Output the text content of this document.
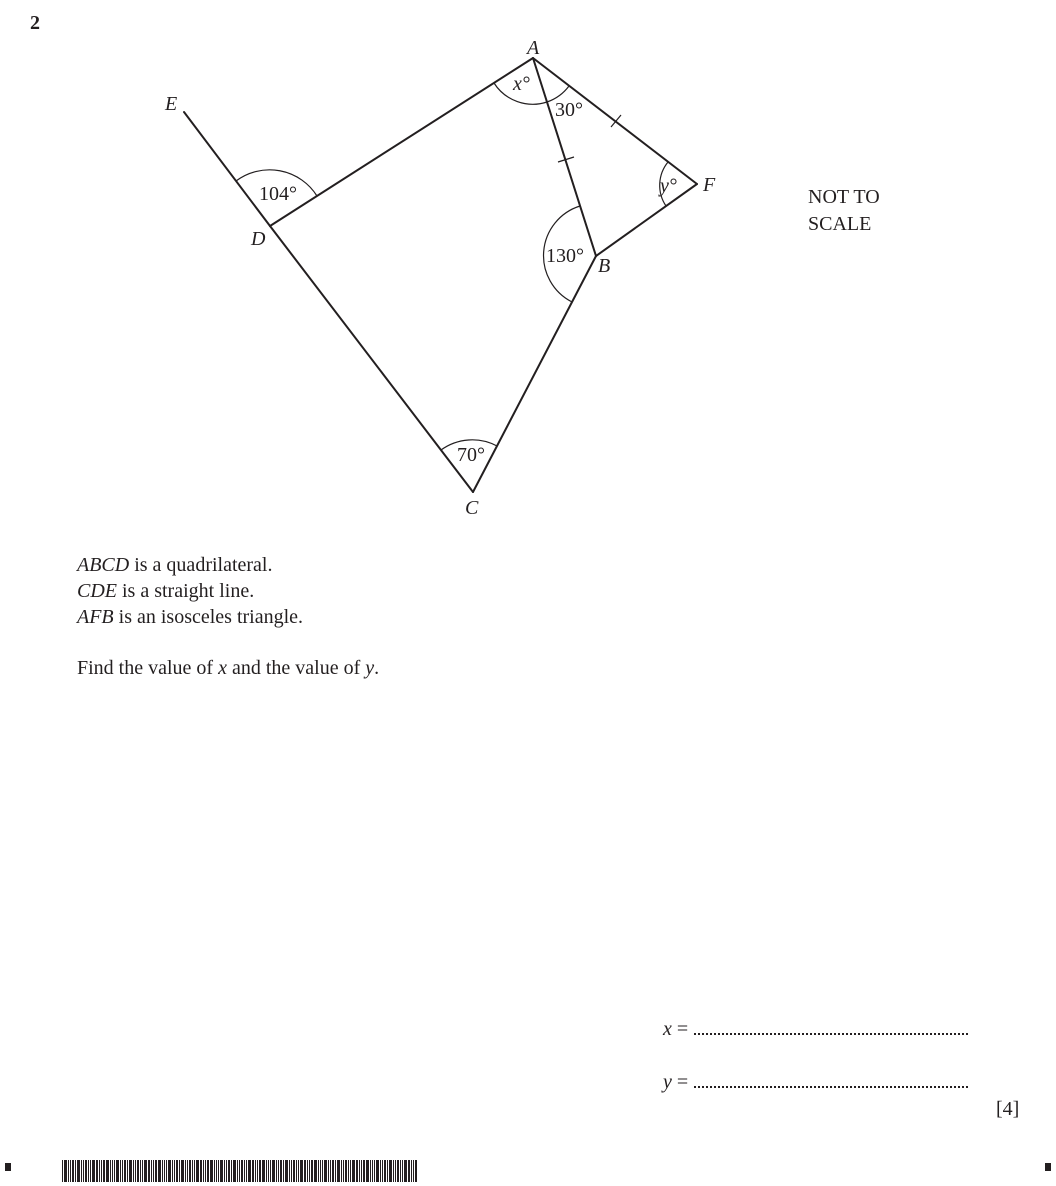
2
A
E
F
D
B
C
104°
x°
30°
y°
130°
70°
NOT TO
SCALE
ABCD is a quadrilateral.
CDE is a straight line.
AFB is an isosceles triangle.
Find the value of x and the value of y.
x =
y =
[4]
